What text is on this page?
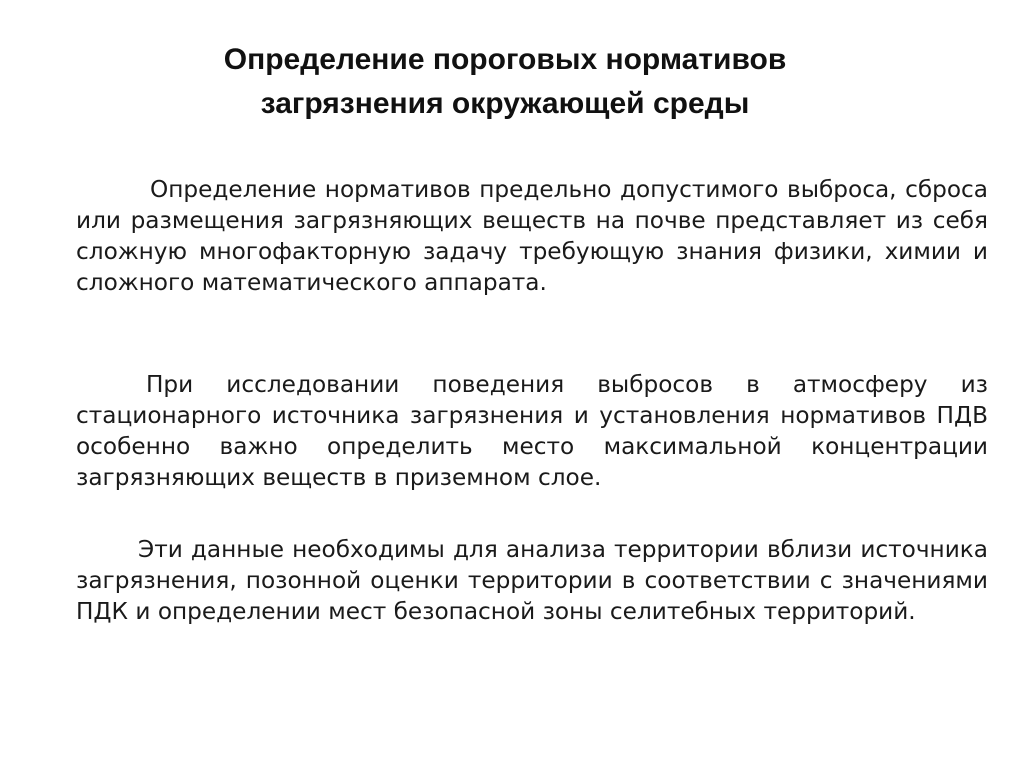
Определение пороговых нормативов
загрязнения окружающей среды

Определение нормативов предельно допустимого выброса, сброса или размещения загрязняющих веществ на почве представляет из себя сложную многофакторную задачу требующую знания физики, химии и сложного математического аппарата.

При исследовании поведения выбросов в атмосферу из стационарного источника загрязнения и установления нормативов ПДВ особенно важно определить место максимальной концентрации загрязняющих веществ в приземном слое.

Эти данные необходимы для анализа территории вблизи источника загрязнения, позонной оценки территории в соответствии с значениями ПДК и определении мест безопасной зоны селитебных территорий.
